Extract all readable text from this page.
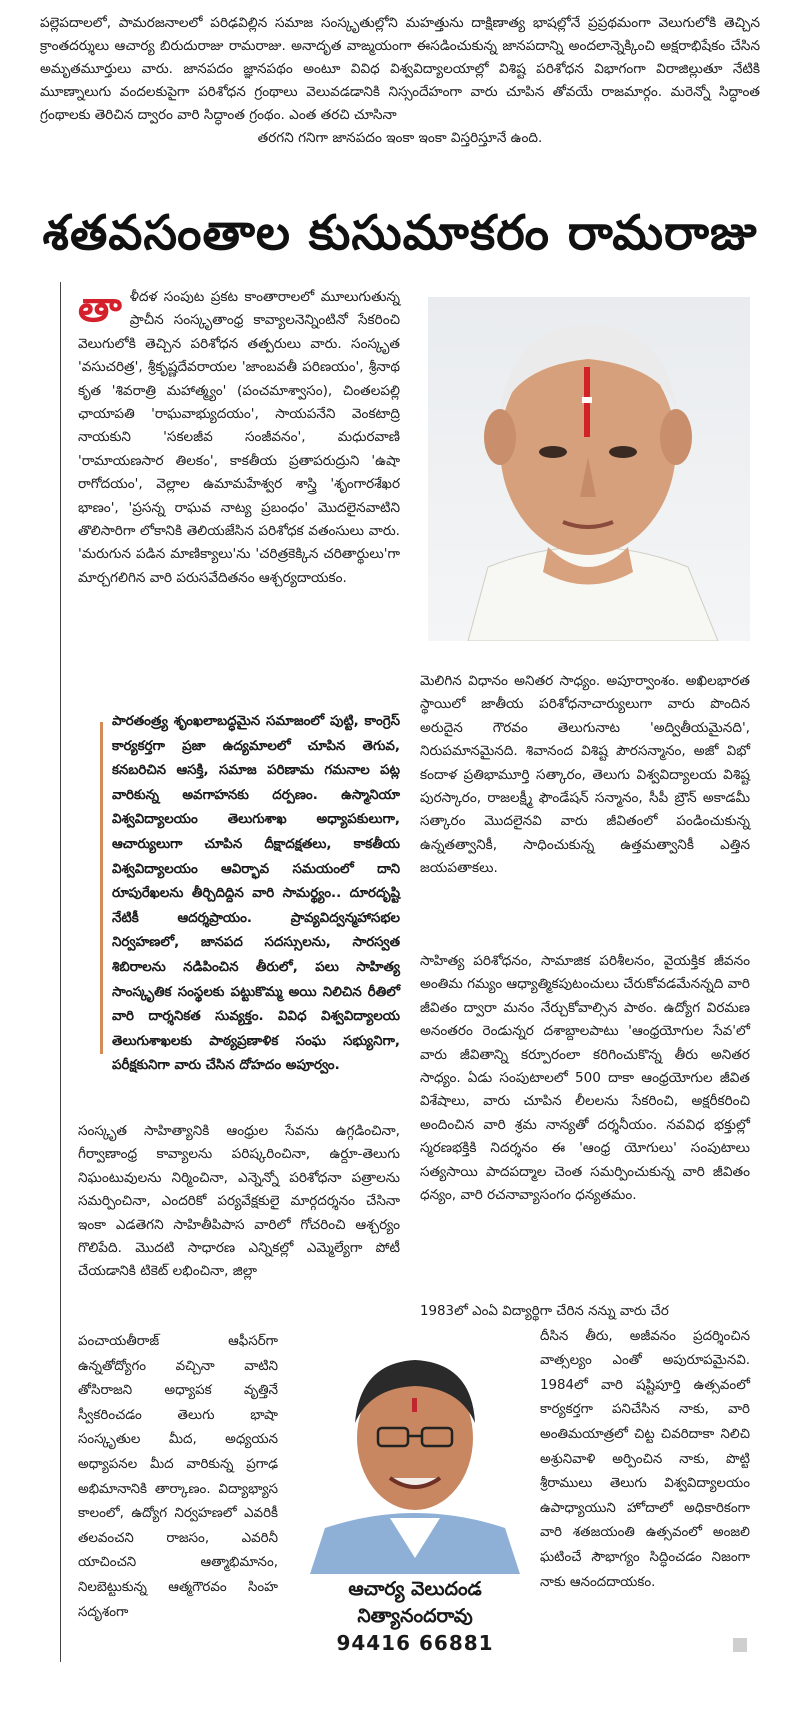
పల్లెపదాలలో, పామరజనాలలో పరిఢవిల్లిన సమాజ సంస్కృతుల్లోని మహత్తును దాక్షిణాత్య భాషల్లోనే ప్రప్రథమంగా వెలుగులోకి తెచ్చిన క్రాంతదర్శులు ఆచార్య బిరుదురాజు రామరాజు. అనాదృత వాఙ్మయంగా ఈసడించుకున్న జానపదాన్ని అందలాన్నెక్కించి అక్షరాభిషేకం చేసిన అమృతమూర్తులు వారు. జానపదం జ్ఞానపథం అంటూ వివిధ విశ్వవిద్యాలయాల్లో విశిష్ట పరిశోధన విభాగంగా విరాజిల్లుతూ నేటికి మూణ్నాలుగు వందలకుపైగా పరిశోధన గ్రంథాలు వెలువడడానికి నిస్సందేహంగా వారు చూపిన తోవయే రాజమార్గం. మరెన్నో సిద్ధాంత గ్రంథాలకు తెరిచిన ద్వారం వారి సిద్ధాంత గ్రంథం. ఎంత తరచి చూసినా
తరగని గనిగా జానపదం ఇంకా ఇంకా విస్తరిస్తూనే ఉంది.
శతవసంతాల కుసుమాకరం రామరాజు
తా ళీదళ సంపుట ప్రకట కాంతారాలలో మూలుగుతున్న ప్రాచీన సంస్కృతాంధ్ర కావ్యాలనెన్నింటినో సేకరించి వెలుగులోకి తెచ్చిన పరిశోధన తత్పరులు వారు. సంస్కృత 'వసుచరిత్ర', శ్రీకృష్ణదేవరాయల 'జాంబవతీ పరిణయం', శ్రీనాథ కృత 'శివరాత్రి మహాత్మ్యం' (పంచమాశ్వాసం), చింతలపల్లి ఛాయాపతి 'రాఘవాభ్యుదయం', సాయపనేని వెంకటాద్రి నాయకుని 'సకలజీవ సంజీవనం', మధురవాణి 'రామాయణసార తిలకం', కాకతీయ ప్రతాపరుద్రుని 'ఉషా రాగోదయం', వెల్లాల ఉమామహేశ్వర శాస్త్రి 'శృంగారశేఖర భాణం', 'ప్రసన్న రాఘవ నాట్య ప్రబంధం' మొదలైనవాటిని తొలిసారిగా లోకానికి తెలియజేసిన పరిశోధక వతంసులు వారు. 'మరుగున పడిన మాణిక్యాలు'ను 'చరిత్రకెక్కిన చరితార్థులు'గా మార్చగలిగిన వారి పరుసవేదితనం ఆశ్చర్యదాయకం.

పారతంత్ర్య శృంఖలాబద్ధమైన సమాజంలో పుట్టి, కాంగ్రెస్ కార్యకర్తగా ప్రజా ఉద్యమాలలో చూపిన తెగువ, కనబరిచిన ఆసక్తి, సమాజ పరిణామ గమనాల పట్ల వారికున్న అవగాహనకు దర్పణం. ఉస్మానియా విశ్వవిద్యాలయం తెలుగుశాఖ అధ్యాపకులుగా, ఆచార్యులుగా చూపిన దీక్షాదక్షతలు, కాకతీయ విశ్వవిద్యాలయం ఆవిర్భావ సమయంలో దాని రూపురేఖలను తీర్చిదిద్దిన వారి సామర్థ్యం.. దూరదృష్టి నేటికీ ఆదర్శప్రాయం. ప్రావ్యవిద్వన్మహాసభల నిర్వహణలో, జానపద సదస్సులను, సారస్వత శిబిరాలను నడిపించిన తీరులో, పలు సాహిత్య సాంస్కృతిక సంస్థలకు పట్టుకొమ్మ అయి నిలిచిన రీతిలో వారి దార్శనికత సువ్యక్తం. వివిధ విశ్వవిద్యాలయ తెలుగుశాఖలకు పాఠ్యప్రణాళిక సంఘ సభ్యునిగా, పరీక్షకునిగా వారు చేసిన దోహదం అపూర్వం.

సంస్కృత సాహిత్యానికి ఆంధ్రుల సేవను ఉగ్గడించినా, గీర్వాణాంధ్ర కావ్యాలను పరిష్కరించినా, ఉర్దూ-తెలుగు నిఘంటువులను నిర్మించినా, ఎన్నెన్నో పరిశోధనా పత్రాలను సమర్పించినా, ఎందరికో పర్యవేక్షకులై మార్గదర్శనం చేసినా ఇంకా ఎడతెగని సాహితీపిపాస వారిలో గోచరించి ఆశ్చర్యం గొలిపేది. మొదటి సాధారణ ఎన్నికల్లో ఎమ్మెల్యేగా పోటీ చేయడానికి టికెట్ లభించినా, జిల్లా

పంచాయతీరాజ్ ఆఫీసర్‌గా ఉన్నతోద్యోగం వచ్చినా వాటిని తోసిరాజని అధ్యాపక వృత్తినే స్వీకరించడం తెలుగు భాషా సంస్కృతుల మీద, అధ్యయన అధ్యాపనల మీద వారికున్న ప్రగాఢ అభిమానానికి తార్కాణం. విద్యాభ్యాస కాలంలో, ఉద్యోగ నిర్వహణలో ఎవరికీ తలవంచని రాజసం, ఎవరినీ యాచించని ఆత్మాభిమానం, నిలబెట్టుకున్న ఆత్మగౌరవం సింహ సదృశంగా

మెలిగిన విధానం అనితర సాధ్యం. అపూర్వాంశం. అఖిలభారత స్థాయిలో జాతీయ పరిశోధనాచార్యులుగా వారు పొందిన అరుదైన గౌరవం తెలుగునాట 'అద్వితీయమైనది', నిరుపమానమైనది. శివానంద విశిష్ట పౌరసన్మానం, అజో విభో కందాళ ప్రతిభామూర్తి సత్కారం, తెలుగు విశ్వవిద్యాలయ విశిష్ట పురస్కారం, రాజలక్ష్మీ ఫౌండేషన్ సన్మానం, సీపీ బ్రౌన్ అకాడమీ సత్కారం మొదలైనవి వారు జీవితంలో పండించుకున్న ఉన్నతత్వానికీ, సాధించుకున్న ఉత్తమత్వానికీ ఎత్తిన జయపతాకలు.

సాహిత్య పరిశోధనం, సామాజిక పరిశీలనం, వైయక్తిక జీవనం అంతిమ గమ్యం ఆధ్యాత్మికపుటంచులు చేరుకోవడమేనన్నది వారి జీవితం ద్వారా మనం నేర్చుకోవాల్సిన పాఠం. ఉద్యోగ విరమణ అనంతరం రెండున్నర దశాబ్దాలపాటు 'ఆంధ్రయోగుల సేవ'లో వారు జీవితాన్ని కర్పూరంలా కరిగించుకొన్న తీరు అనితర సాధ్యం. ఏడు సంపుటాలలో 500 దాకా ఆంధ్రయోగుల జీవిత విశేషాలు, వారు చూపిన లీలలను సేకరించి, అక్షరీకరించి అందించిన వారి శ్రమ నాన్యతో దర్శనీయం. నవవిధ భక్తుల్లో స్మరణభక్తికి నిదర్శనం ఈ 'ఆంధ్ర యోగులు' సంపుటాలు సత్యసాయి పాదపద్మాల చెంత సమర్పించుకున్న వారి జీవితం ధన్యం, వారి రచనావ్యాసంగం ధన్యతమం.

1983లో ఎంఏ విద్యార్థిగా చేరిన నన్ను వారు చేర

దీసిన తీరు, అజీవనం ప్రదర్శించిన వాత్సల్యం ఎంతో అపురూపమైనవి. 1984లో వారి షష్టిపూర్తి ఉత్సవంలో కార్యకర్తగా పనిచేసిన నాకు, వారి అంతిమయాత్రలో చిట్ట చివరిదాకా నిలిచి అశ్రునివాళి అర్పించిన నాకు, పొట్టి శ్రీరాములు తెలుగు విశ్వవిద్యాలయం ఉపాధ్యాయుని హోదాలో అధికారికంగా వారి శతజయంతి ఉత్సవంలో అంజలి ఘటించే సౌభాగ్యం సిద్ధించడం నిజంగా నాకు ఆనందదాయకం.

ఆచార్య వెలుదండ
నిత్యానందరావు
94416 66881
